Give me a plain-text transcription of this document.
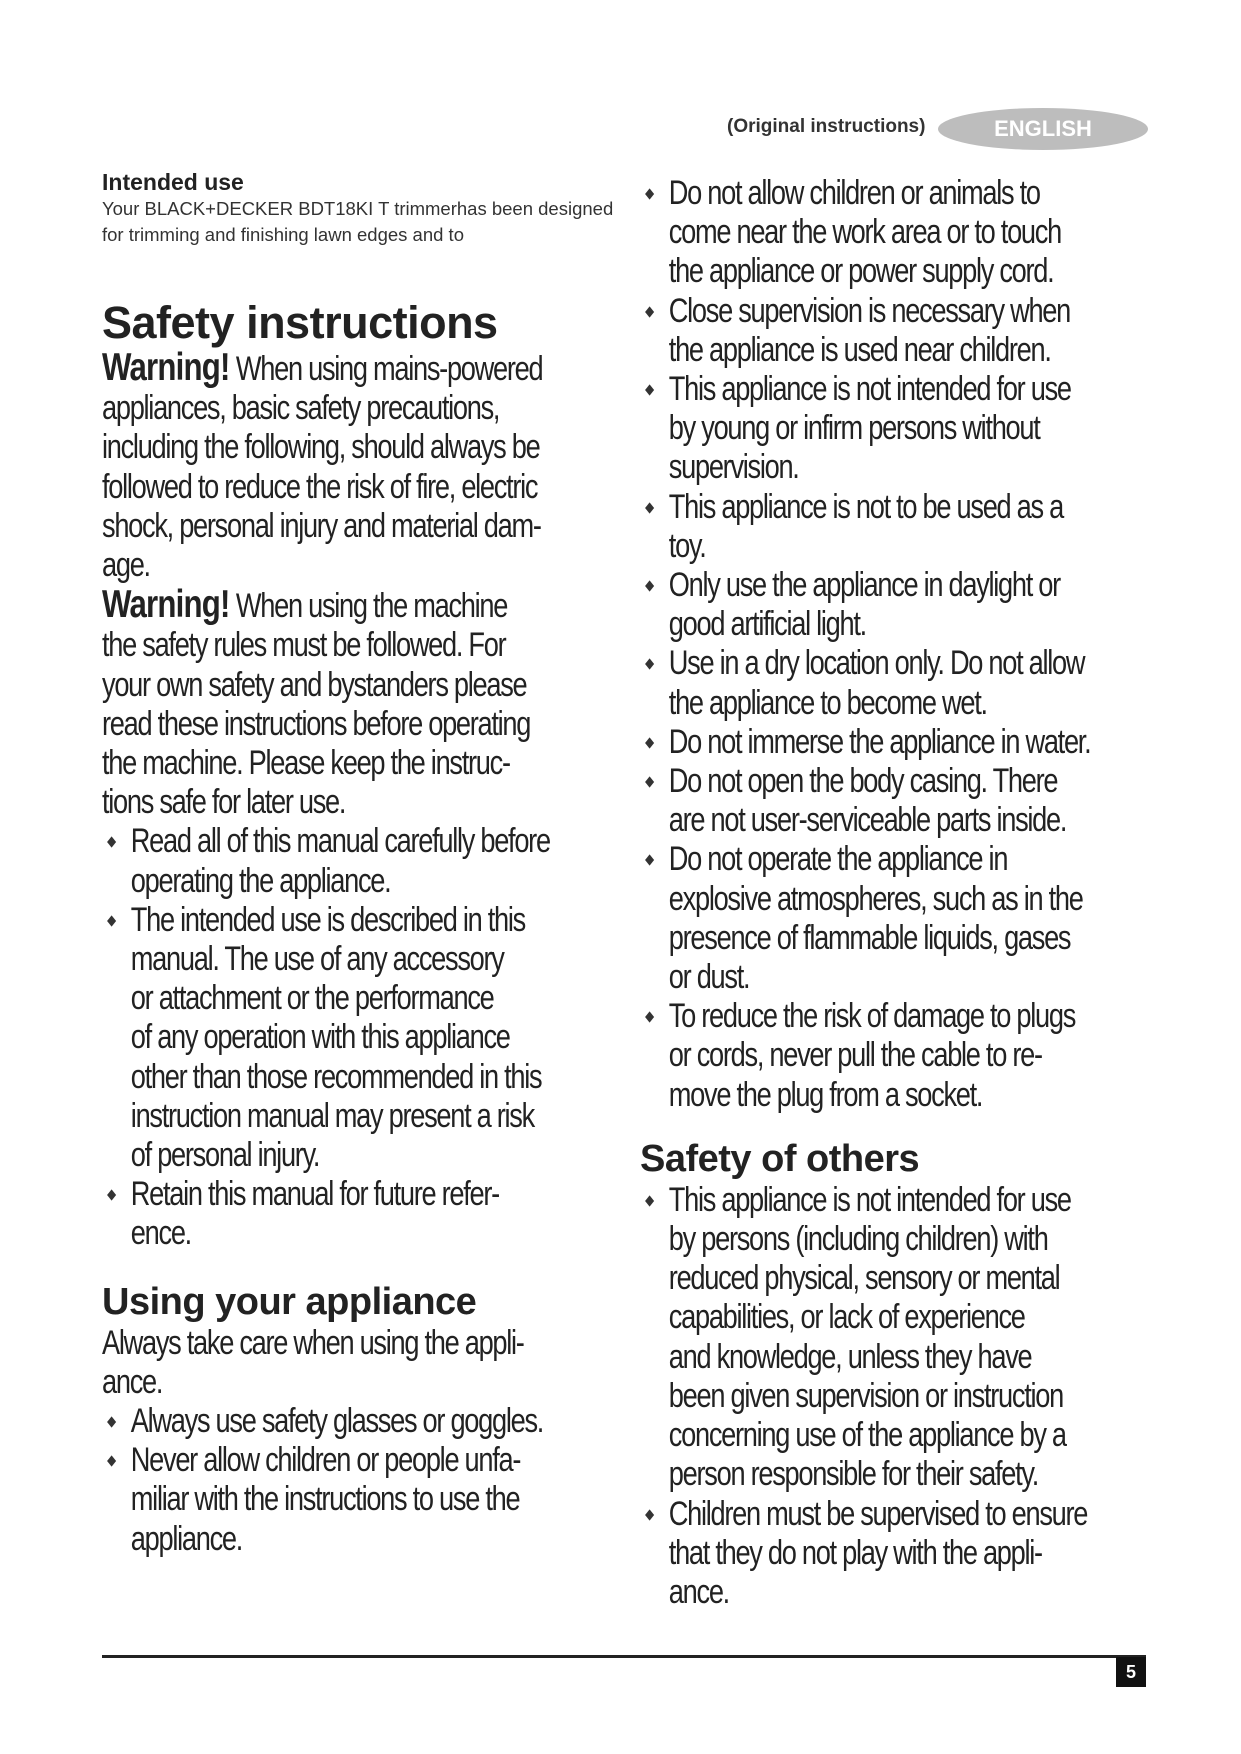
(Original instructions)	ENGLISH

Intended use

Your BLACK+DECKER BDT18KI T trimmerhas been designed
for trimming and finishing lawn edges and to

Safety instructions

Warning! When using mains-powered
appliances, basic safety precautions,
including the following, should always be
followed to reduce the risk of fire, electric
shock, personal injury and material dam-
age.
Warning! When using the machine
the safety rules must be followed. For
your own safety and bystanders please
read these instructions before operating
the machine. Please keep the instruc-
tions safe for later use.
Read all of this manual carefully before
operating the appliance.
The intended use is described in this
manual. The use of any accessory
or attachment or the performance
of any operation with this appliance
other than those recommended in this
instruction manual may present a risk
of personal injury.
Retain this manual for future refer-
ence.

Using your appliance

Always take care when using the appli-
ance.
Always use safety glasses or goggles.
Never allow children or people unfa-
miliar with the instructions to use the
appliance.
Do not allow children or animals to
come near the work area or to touch
the appliance or power supply cord.
Close supervision is necessary when
the appliance is used near children.
This appliance is not intended for use
by young or infirm persons without
supervision.
This appliance is not to be used as a
toy.
Only use the appliance in daylight or
good artificial light.
Use in a dry location only. Do not allow
the appliance to become wet.
Do not immerse the appliance in water.
Do not open the body casing. There
are not user-serviceable parts inside.
Do not operate the appliance in
explosive atmospheres, such as in the
presence of flammable liquids, gases
or dust.
To reduce the risk of damage to plugs
or cords, never pull the cable to re-
move the plug from a socket.

Safety of others

This appliance is not intended for use
by persons (including children) with
reduced physical, sensory or mental
capabilities, or lack of experience
and knowledge, unless they have
been given supervision or instruction
concerning use of the appliance by a
person responsible for their safety.
Children must be supervised to ensure
that they do not play with the appli-
ance.
5
